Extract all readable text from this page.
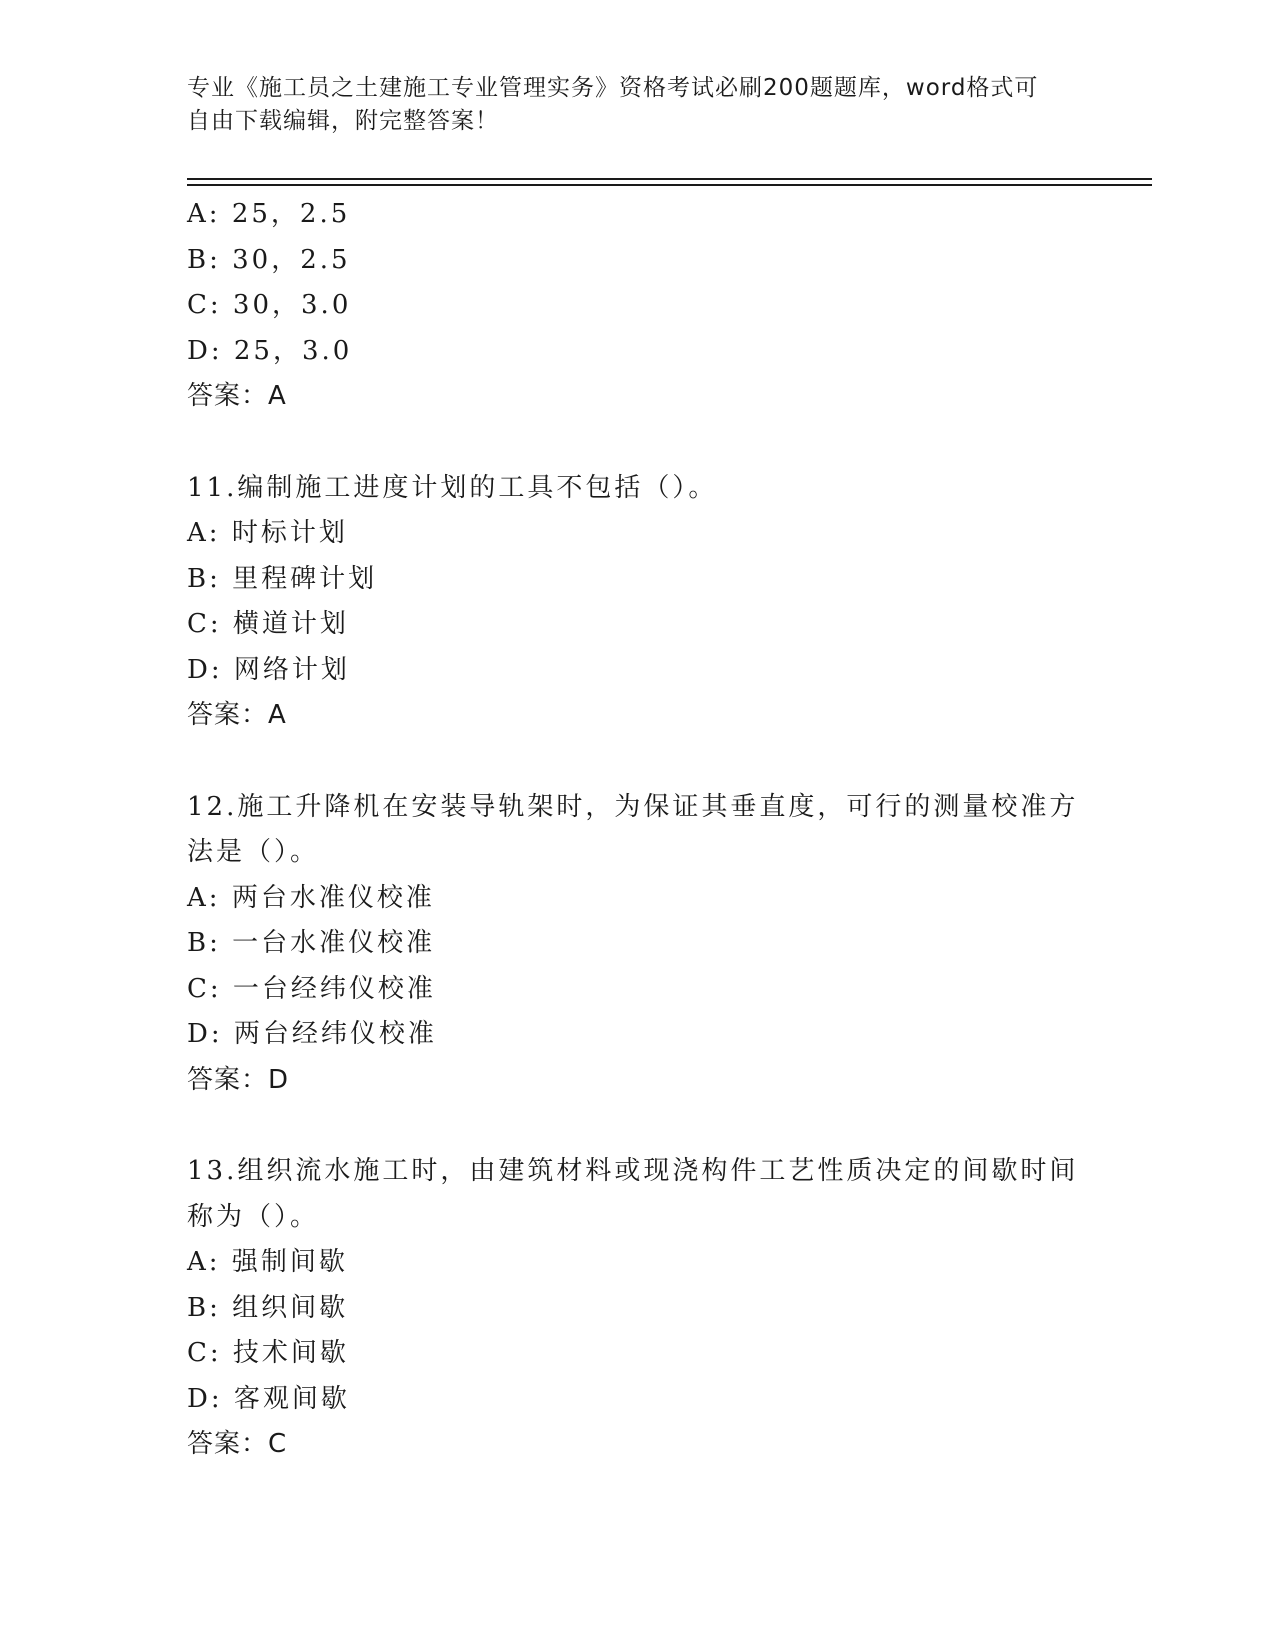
专业《施工员之土建施工专业管理实务》资格考试必刷200题题库，word格式可
自由下载编辑，附完整答案！
A: 25，2.5
B: 30，2.5
C: 30，3.0
D: 25，3.0
答案：A
11.编制施工进度计划的工具不包括（）。
A: 时标计划
B: 里程碑计划
C: 横道计划
D: 网络计划
答案：A
12.施工升降机在安装导轨架时，为保证其垂直度，可行的测量校准方
法是（）。
A: 两台水准仪校准
B: 一台水准仪校准
C: 一台经纬仪校准
D: 两台经纬仪校准
答案：D
13.组织流水施工时，由建筑材料或现浇构件工艺性质决定的间歇时间
称为（）。
A: 强制间歇
B: 组织间歇
C: 技术间歇
D: 客观间歇
答案：C
